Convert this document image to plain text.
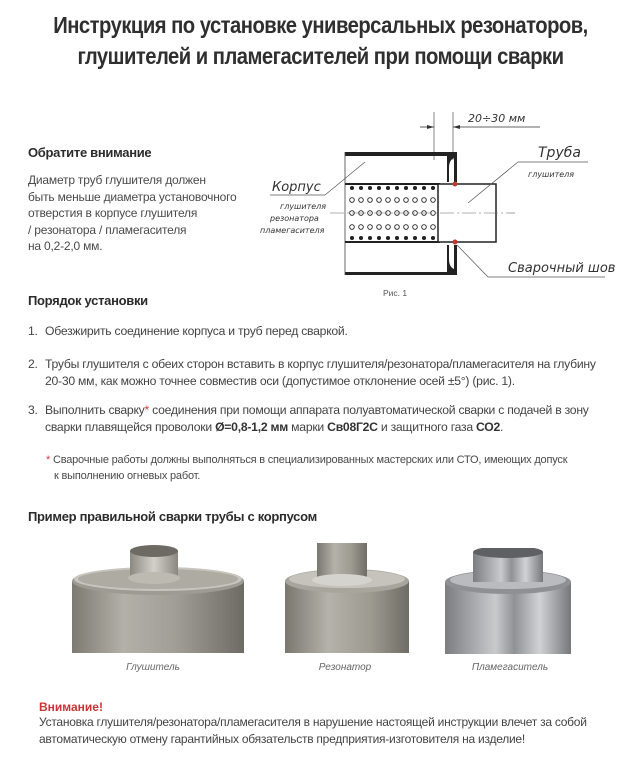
Инструкция по установке универсальных резонаторов,
глушителей и пламегасителей при помощи сварки
Обратите внимание
Диаметр труб глушителя должен
быть меньше диаметра установочного
отверстия в корпусе глушителя
/ резонатора / пламегасителя
на 0,2-2,0 мм.
20÷30 мм
Корпус
глушителя
резонатора
пламегасителя
Труба
глушителя
Сварочный шов
Рис. 1
Порядок установки
1. Обезжирить соединение корпуса и труб перед сваркой.
2. Трубы глушителя с обеих сторон вставить в корпус глушителя/резонатора/пламегасителя на глубину
20-30 мм, как можно точнее совместив оси (допустимое отклонение осей ±5°) (рис. 1).
3. Выполнить сварку* соединения при помощи аппарата полуавтоматической сварки с подачей в зону
сварки плавящейся проволоки Ø=0,8-1,2 мм марки Св08Г2С и защитного газа СО2.
* Сварочные работы должны выполняться в специализированных мастерских или СТО, имеющих допуск
к выполнению огневых работ.
Пример правильной сварки трубы с корпусом
Глушитель	Резонатор	Пламегаситель
Внимание!
Установка глушителя/резонатора/пламегасителя в нарушение настоящей инструкции влечет за собой
автоматическую отмену гарантийных обязательств предприятия-изготовителя на изделие!
